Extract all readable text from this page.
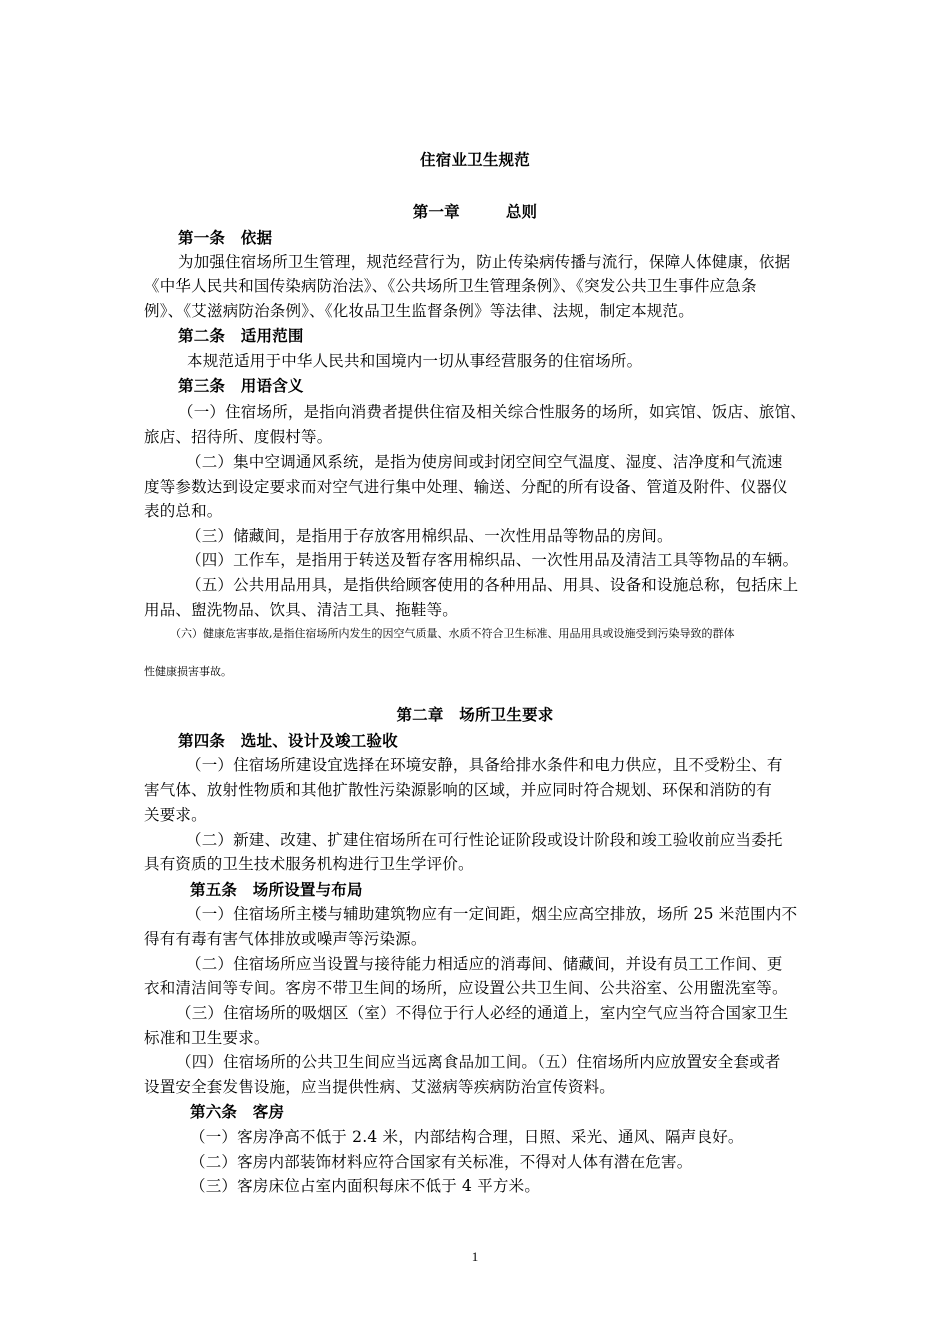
住宿业卫生规范
第一章	总则
第一条　依据
为加强住宿场所卫生管理，规范经营行为，防止传染病传播与流行，保障人体健康，依据
《中华人民共和国传染病防治法》、《公共场所卫生管理条例》、《突发公共卫生事件应急条
例》、《艾滋病防治条例》、《化妆品卫生监督条例》等法律、法规，制定本规范。
第二条　适用范围
本规范适用于中华人民共和国境内一切从事经营服务的住宿场所。
第三条　用语含义
（一）住宿场所，是指向消费者提供住宿及相关综合性服务的场所，如宾馆、饭店、旅馆、
旅店、招待所、度假村等。
（二）集中空调通风系统，是指为使房间或封闭空间空气温度、湿度、洁净度和气流速
度等参数达到设定要求而对空气进行集中处理、输送、分配的所有设备、管道及附件、仪器仪
表的总和。
（三）储藏间，是指用于存放客用棉织品、一次性用品等物品的房间。
（四）工作车，是指用于转送及暂存客用棉织品、一次性用品及清洁工具等物品的车辆。
（五）公共用品用具，是指供给顾客使用的各种用品、用具、设备和设施总称，包括床上
用品、盥洗物品、饮具、清洁工具、拖鞋等。
（六）健康危害事故,是指住宿场所内发生的因空气质量、水质不符合卫生标准、用品用具或设施受到污染导致的群体
性健康损害事故。
第二章　场所卫生要求
第四条　选址、设计及竣工验收
（一）住宿场所建设宜选择在环境安静，具备给排水条件和电力供应，且不受粉尘、有
害气体、放射性物质和其他扩散性污染源影响的区域，并应同时符合规划、环保和消防的有
关要求。
（二）新建、改建、扩建住宿场所在可行性论证阶段或设计阶段和竣工验收前应当委托
具有资质的卫生技术服务机构进行卫生学评价。
第五条　场所设置与布局
（一）住宿场所主楼与辅助建筑物应有一定间距，烟尘应高空排放，场所 25 米范围内不
得有有毒有害气体排放或噪声等污染源。
（二）住宿场所应当设置与接待能力相适应的消毒间、储藏间，并设有员工工作间、更
衣和清洁间等专间。客房不带卫生间的场所，应设置公共卫生间、公共浴室、公用盥洗室等。
（三）住宿场所的吸烟区（室）不得位于行人必经的通道上，室内空气应当符合国家卫生
标准和卫生要求。
（四）住宿场所的公共卫生间应当远离食品加工间。（五）住宿场所内应放置安全套或者
设置安全套发售设施，应当提供性病、艾滋病等疾病防治宣传资料。
第六条　客房
（一）客房净高不低于 2.4 米，内部结构合理，日照、采光、通风、隔声良好。
（二）客房内部装饰材料应符合国家有关标准，不得对人体有潜在危害。
（三）客房床位占室内面积每床不低于 4 平方米。
1
